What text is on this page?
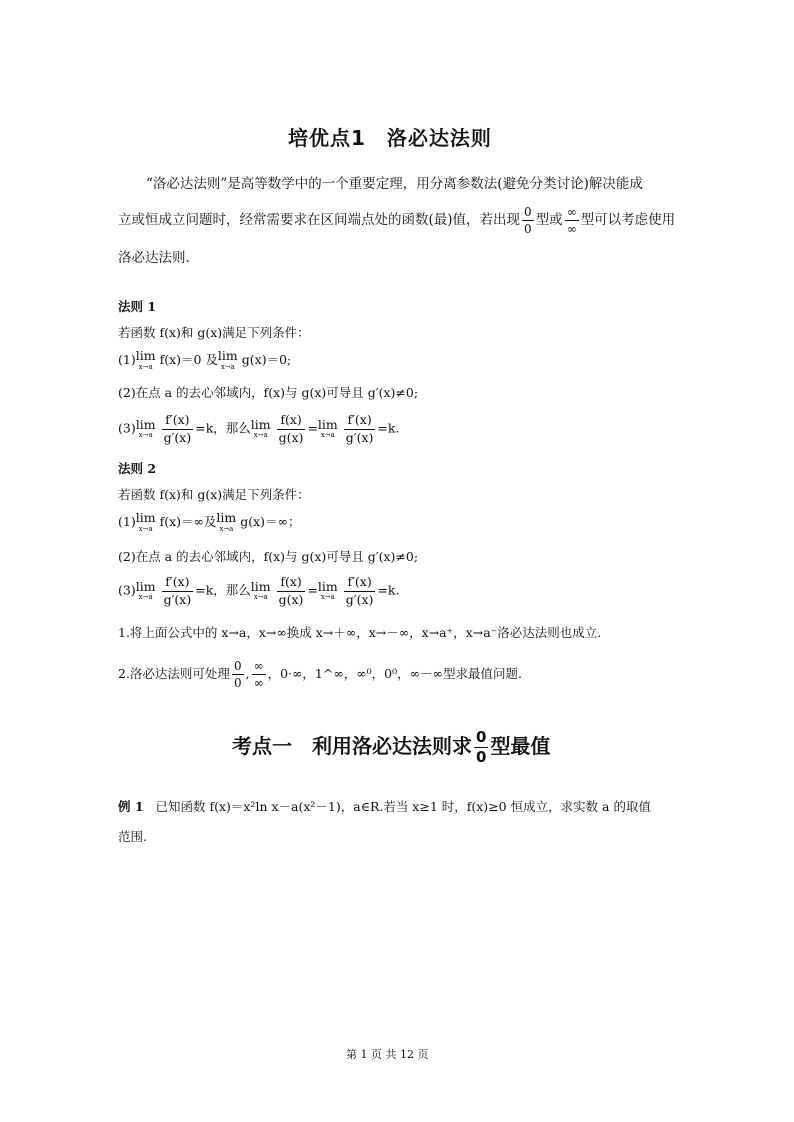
培优点1　洛必达法则
“洛必达法则”是高等数学中的一个重要定理，用分离参数法(避免分类讨论)解决能成
立或恒成立问题时，经常需要求在区间端点处的函数(最)值，若出现 $\frac{0}{0}$ 型或 $\frac{\infty}{\infty}$ 型可以考虑使用
洛必达法则.
法则 1
若函数 f(x)和 g(x)满足下列条件：
(1) lim
x→a f(x)＝0 及 lim
x→a g(x)＝0;
(2)在点 a 的去心邻域内，f(x)与 g(x)可导且 g′(x)≠0;
(3) lim
x→a
$\frac{f'(x)}{g'(x)} =k$，那么 lim
x→a
$\frac{f(x)}{g(x)} = \lim$
x→a
$\frac{f'(x)}{g'(x)} =k$.
法则 2
若函数 f(x)和 g(x)满足下列条件：
(1) lim
x→a f(x)＝∞及 lim
x→a g(x)＝∞；
(2)在点 a 的去心邻域内，f(x)与 g(x)可导且 g′(x)≠0;
(3) lim
x→a
$\frac{f'(x)}{g'(x)} =k$，那么 lim
x→a
$\frac{f(x)}{g(x)} = \lim$
x→a
$\frac{f'(x)}{g'(x)} =k$.
1.将上面公式中的 x→a，x→∞换成 x→＋∞，x→－∞，x→a⁺，x→a⁻洛必达法则也成立.
2.洛必达法则可处理 $\frac{0}{0}$ , $\frac{\infty}{\infty}$ ，0·∞，1^∞，∞⁰，0⁰，∞－∞型求最值问题.
考点一　利用洛必达法则求 $\frac{0}{0}$ 型最值
例 1 已知函数 f(x)＝x²ln x－a(x²－1)，a∈R.若当 x≥1 时，f(x)≥0 恒成立，求实数 a 的取值
范围.
第 1 页 共 12 页
